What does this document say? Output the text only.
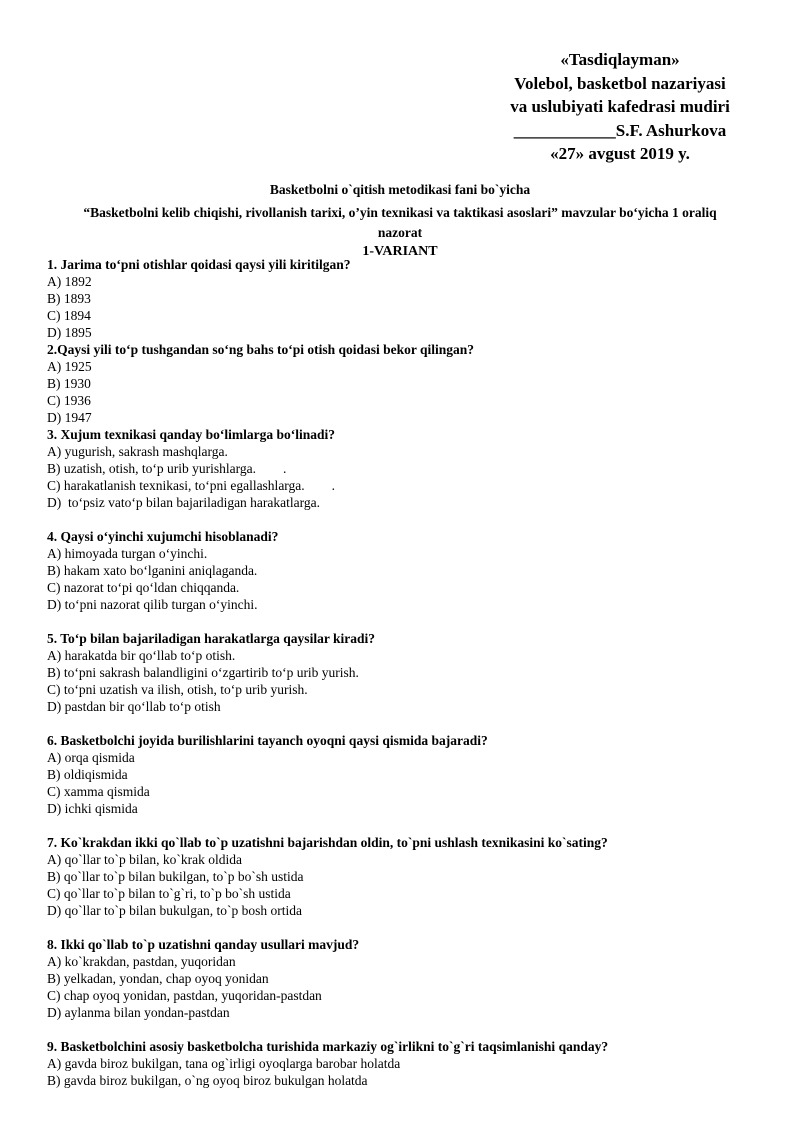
«Tasdiqlayman»
Volebol, basketbol nazariyasi
va uslubiyati kafedrasi mudiri
____________S.F. Ashurkova
«27» avgust 2019 y.
Basketbolni o`qitish metodikasi fani bo`yicha
“Basketbolni kelib chiqishi, rivollanish tarixi, o’yin texnikasi va taktikasi asoslari” mavzular bo‘yicha 1 oraliq
nazorat
1-VARIANT
1. Jarima to‘pni otishlar qoidasi qaysi yili kiritilgan?
A) 1892
B) 1893
C) 1894
D) 1895
2.Qaysi yili to‘p tushgandan so‘ng bahs to‘pi otish qoidasi bekor qilingan?
A) 1925
B) 1930
C) 1936
D) 1947
3. Xujum texnikasi qanday bo‘limlarga bo‘linadi?
A) yugurish, sakrash mashqlarga.
B) uzatish, otish, to‘p urib yurishlarga.        .
C) harakatlanish texnikasi, to‘pni egallashlarga.        .
D)  to‘psiz vato‘p bilan bajariladigan harakatlarga.
4. Qaysi o‘yinchi xujumchi hisoblanadi?
A) himoyada turgan o‘yinchi.
B) hakam xato bo‘lganini aniqlaganda.
C) nazorat to‘pi qo‘ldan chiqqanda.
D) to‘pni nazorat qilib turgan o‘yinchi.
5. To‘p bilan bajariladigan harakatlarga qaysilar kiradi?
A) harakatda bir qo‘llab to‘p otish.
B) to‘pni sakrash balandligini o‘zgartirib to‘p urib yurish.
C) to‘pni uzatish va ilish, otish, to‘p urib yurish.
D) pastdan bir qo‘llab to‘p otish
6. Basketbolchi joyida burilishlarini tayanch oyoqni qaysi qismida bajaradi?
A) orqa qismida
B) oldiqismida
C) xamma qismida
D) ichki qismida
7. Ko`krakdan ikki qo`llab to`p uzatishni bajarishdan oldin, to`pni ushlash texnikasini ko`sating?
A) qo`llar to`p bilan, ko`krak oldida
B) qo`llar to`p bilan bukilgan, to`p bo`sh ustida
C) qo`llar to`p bilan to`g`ri, to`p bo`sh ustida
D) qo`llar to`p bilan bukulgan, to`p bosh ortida
8. Ikki qo`llab to`p uzatishni qanday usullari mavjud?
A) ko`krakdan, pastdan, yuqoridan
B) yelkadan, yondan, chap oyoq yonidan
C) chap oyoq yonidan, pastdan, yuqoridan-pastdan
D) aylanma bilan yondan-pastdan
9. Basketbolchini asosiy basketbolcha turishida markaziy og`irlikni to`g`ri taqsimlanishi qanday?
A) gavda biroz bukilgan, tana og`irligi oyoqlarga barobar holatda
B) gavda biroz bukilgan, o`ng oyoq biroz bukulgan holatda
